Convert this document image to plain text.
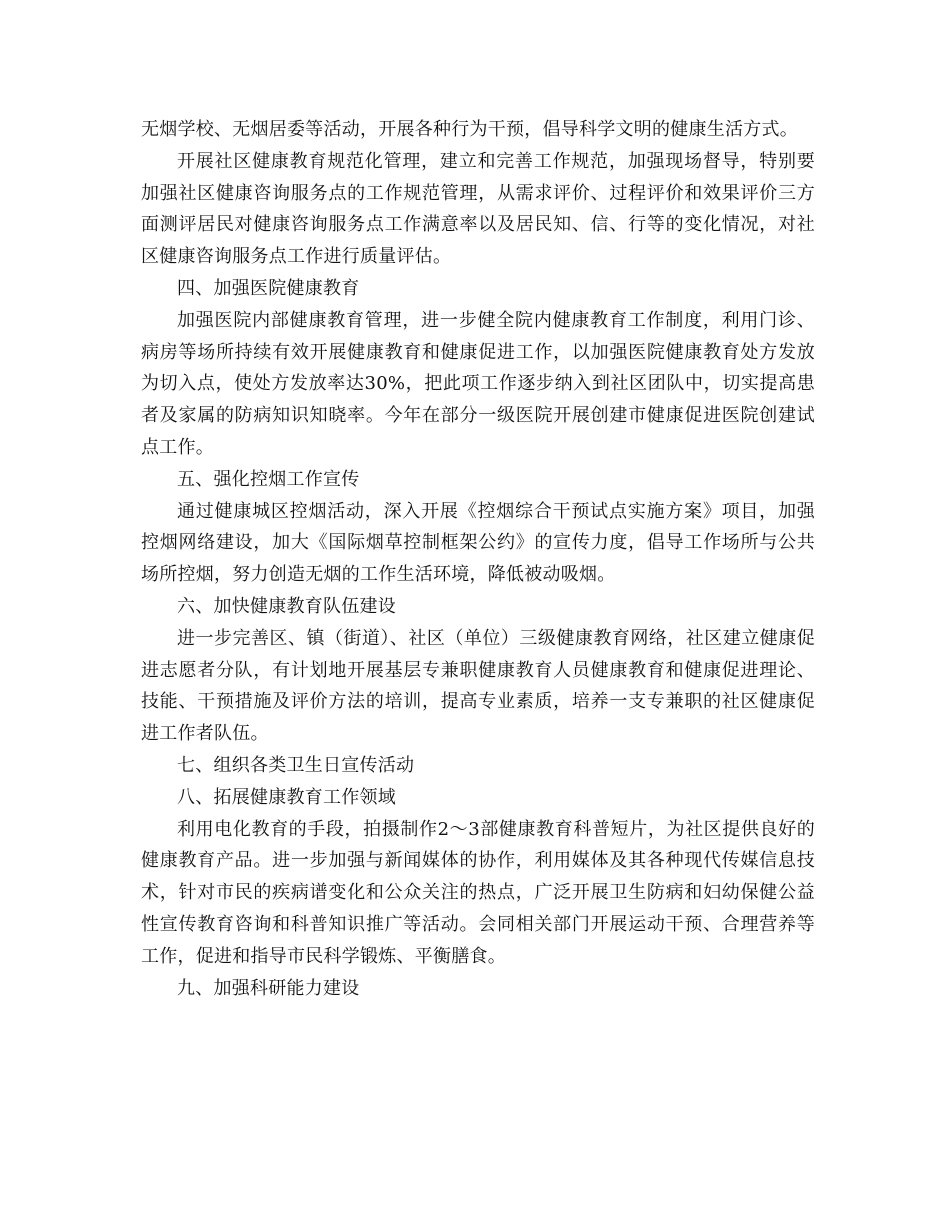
无烟学校、无烟居委等活动，开展各种行为干预，倡导科学文明的健康生活方式。

开展社区健康教育规范化管理，建立和完善工作规范，加强现场督导，特别要加强社区健康咨询服务点的工作规范管理，从需求评价、过程评价和效果评价三方面测评居民对健康咨询服务点工作满意率以及居民知、信、行等的变化情况，对社区健康咨询服务点工作进行质量评估。

四、加强医院健康教育

加强医院内部健康教育管理，进一步健全院内健康教育工作制度，利用门诊、病房等场所持续有效开展健康教育和健康促进工作，以加强医院健康教育处方发放为切入点，使处方发放率达30%，把此项工作逐步纳入到社区团队中，切实提高患者及家属的防病知识知晓率。今年在部分一级医院开展创建市健康促进医院创建试点工作。

五、强化控烟工作宣传

通过健康城区控烟活动，深入开展《控烟综合干预试点实施方案》项目，加强控烟网络建设，加大《国际烟草控制框架公约》的宣传力度，倡导工作场所与公共场所控烟，努力创造无烟的工作生活环境，降低被动吸烟。

六、加快健康教育队伍建设

进一步完善区、镇（街道）、社区（单位）三级健康教育网络，社区建立健康促进志愿者分队，有计划地开展基层专兼职健康教育人员健康教育和健康促进理论、技能、干预措施及评价方法的培训，提高专业素质，培养一支专兼职的社区健康促进工作者队伍。

七、组织各类卫生日宣传活动

八、拓展健康教育工作领域

利用电化教育的手段，拍摄制作2～3部健康教育科普短片，为社区提供良好的健康教育产品。进一步加强与新闻媒体的协作，利用媒体及其各种现代传媒信息技术，针对市民的疾病谱变化和公众关注的热点，广泛开展卫生防病和妇幼保健公益性宣传教育咨询和科普知识推广等活动。会同相关部门开展运动干预、合理营养等工作，促进和指导市民科学锻炼、平衡膳食。

九、加强科研能力建设
